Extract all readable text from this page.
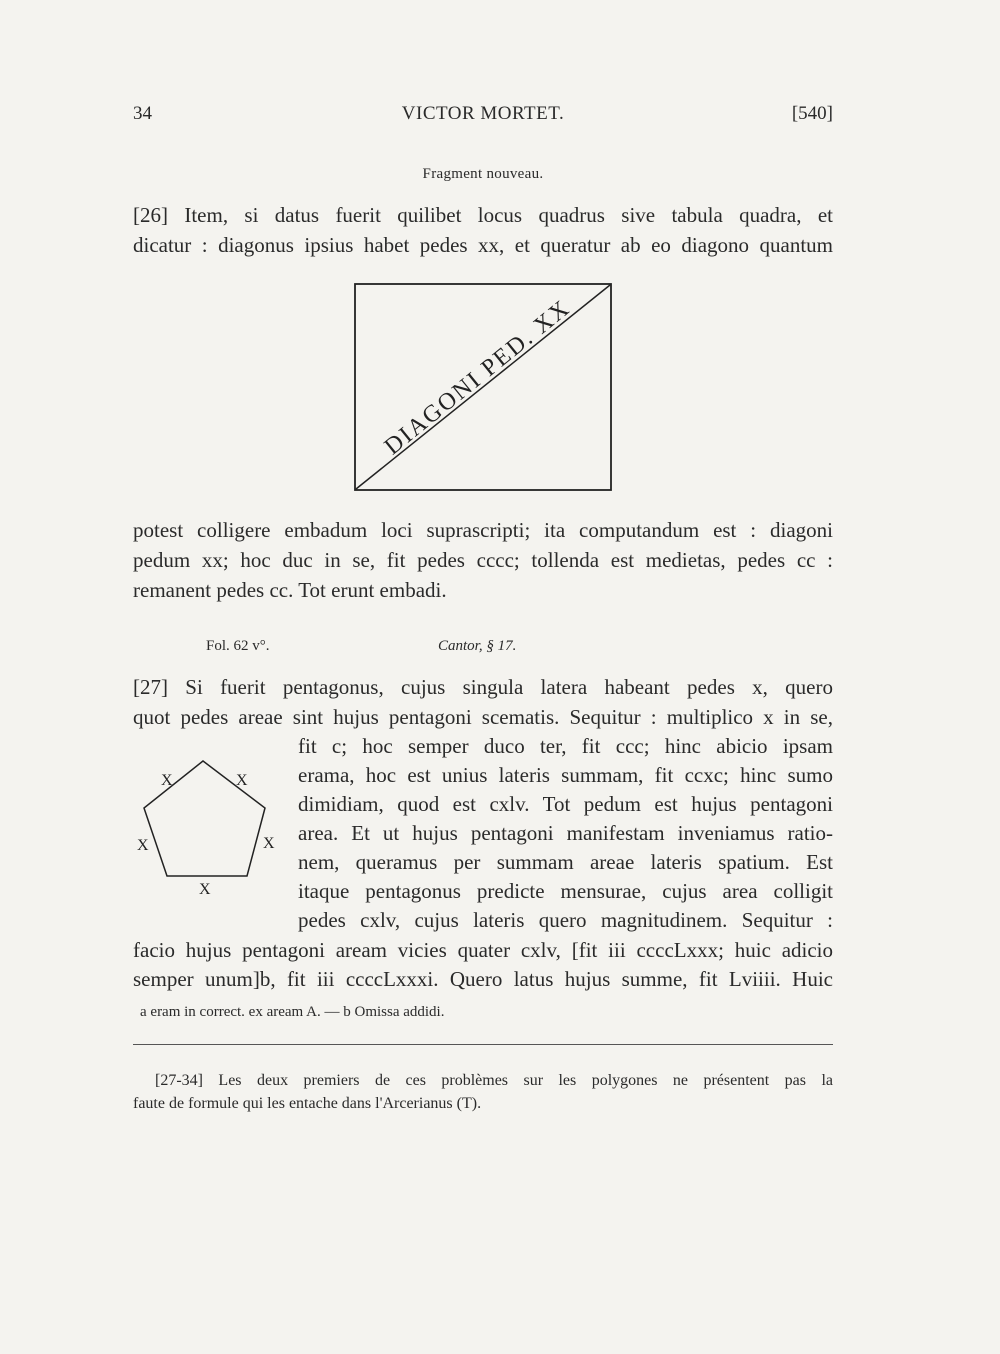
34	VICTOR MORTET.	[540]
Fragment nouveau.
[26] Item, si datus fuerit quilibet locus quadrus sive tabula quadra, et
dicatur : diagonus ipsius habet pedes xx, et queratur ab eo diagono quantum
DIAGONI PED. XX
potest colligere embadum loci suprascripti; ita computandum est : diagoni
pedum xx; hoc duc in se, fit pedes cccc; tollenda est medietas, pedes cc :
remanent pedes cc. Tot erunt embadi.
Fol. 62 v°.	Cantor, § 17.
[27] Si fuerit pentagonus, cujus singula latera habeant pedes x, quero
quot pedes areae sint hujus pentagoni scematis. Sequitur : multiplico x in se,
fit c; hoc semper duco ter, fit ccc; hinc abicio ipsam
erama, hoc est unius lateris summam, fit ccxc; hinc sumo
dimidiam, quod est cxlv. Tot pedum est hujus pentagoni
area. Et ut hujus pentagoni manifestam inveniamus ratio-
nem, queramus per summam areae lateris spatium. Est
itaque pentagonus predicte mensurae, cujus area colligit
pedes cxlv, cujus lateris quero magnitudinem. Sequitur :
X	X
X	X
X
facio hujus pentagoni aream vicies quater cxlv, [fit iii ccccLxxx; huic adicio
semper unum]b, fit iii ccccLxxxi. Quero latus hujus summe, fit Lviiii. Huic
a eram in correct. ex aream A. — b Omissa addidi.
[27-34] Les deux premiers de ces problèmes sur les polygones ne présentent pas la
faute de formule qui les entache dans l'Arcerianus (T).
